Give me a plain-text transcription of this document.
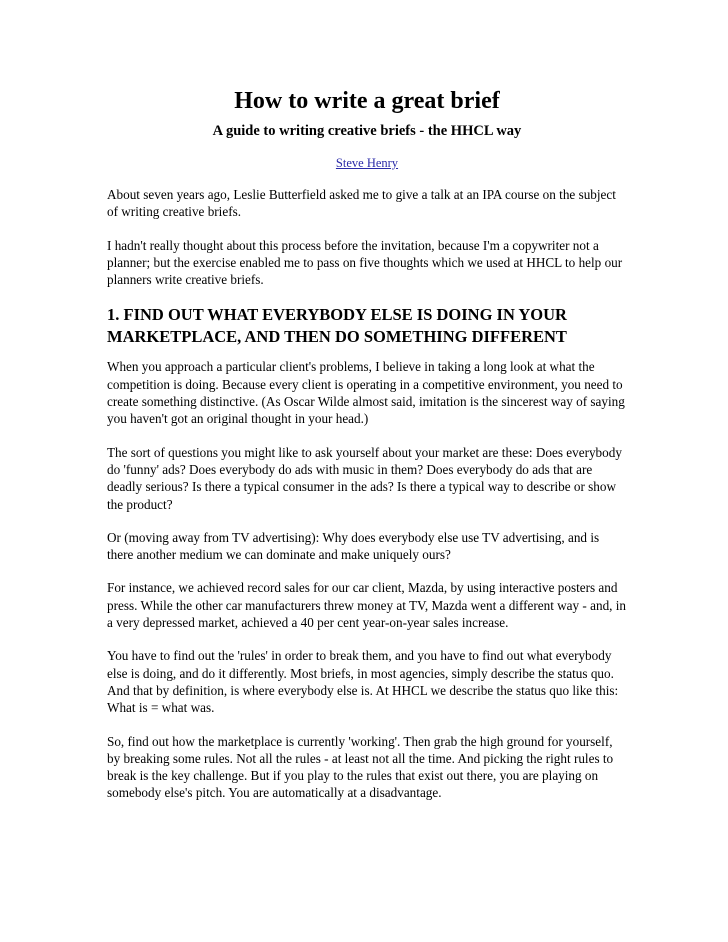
How to write a great brief
A guide to writing creative briefs - the HHCL way
Steve Henry

About seven years ago, Leslie Butterfield asked me to give a talk at an IPA course on the subject of writing creative briefs.

I hadn't really thought about this process before the invitation, because I'm a copywriter not a planner; but the exercise enabled me to pass on five thoughts which we used at HHCL to help our planners write creative briefs.

1. FIND OUT WHAT EVERYBODY ELSE IS DOING IN YOUR MARKETPLACE, AND THEN DO SOMETHING DIFFERENT

When you approach a particular client's problems, I believe in taking a long look at what the competition is doing. Because every client is operating in a competitive environment, you need to create something distinctive. (As Oscar Wilde almost said, imitation is the sincerest way of saying you haven't got an original thought in your head.)

The sort of questions you might like to ask yourself about your market are these: Does everybody do 'funny' ads? Does everybody do ads with music in them? Does everybody do ads that are deadly serious? Is there a typical consumer in the ads? Is there a typical way to describe or show the product?

Or (moving away from TV advertising): Why does everybody else use TV advertising, and is there another medium we can dominate and make uniquely ours?

For instance, we achieved record sales for our car client, Mazda, by using interactive posters and press. While the other car manufacturers threw money at TV, Mazda went a different way - and, in a very depressed market, achieved a 40 per cent year-on-year sales increase.

You have to find out the 'rules' in order to break them, and you have to find out what everybody else is doing, and do it differently. Most briefs, in most agencies, simply describe the status quo. And that by definition, is where everybody else is. At HHCL we describe the status quo like this: What is = what was.

So, find out how the marketplace is currently 'working'. Then grab the high ground for yourself, by breaking some rules. Not all the rules - at least not all the time. And picking the right rules to break is the key challenge. But if you play to the rules that exist out there, you are playing on somebody else's pitch. You are automatically at a disadvantage.
